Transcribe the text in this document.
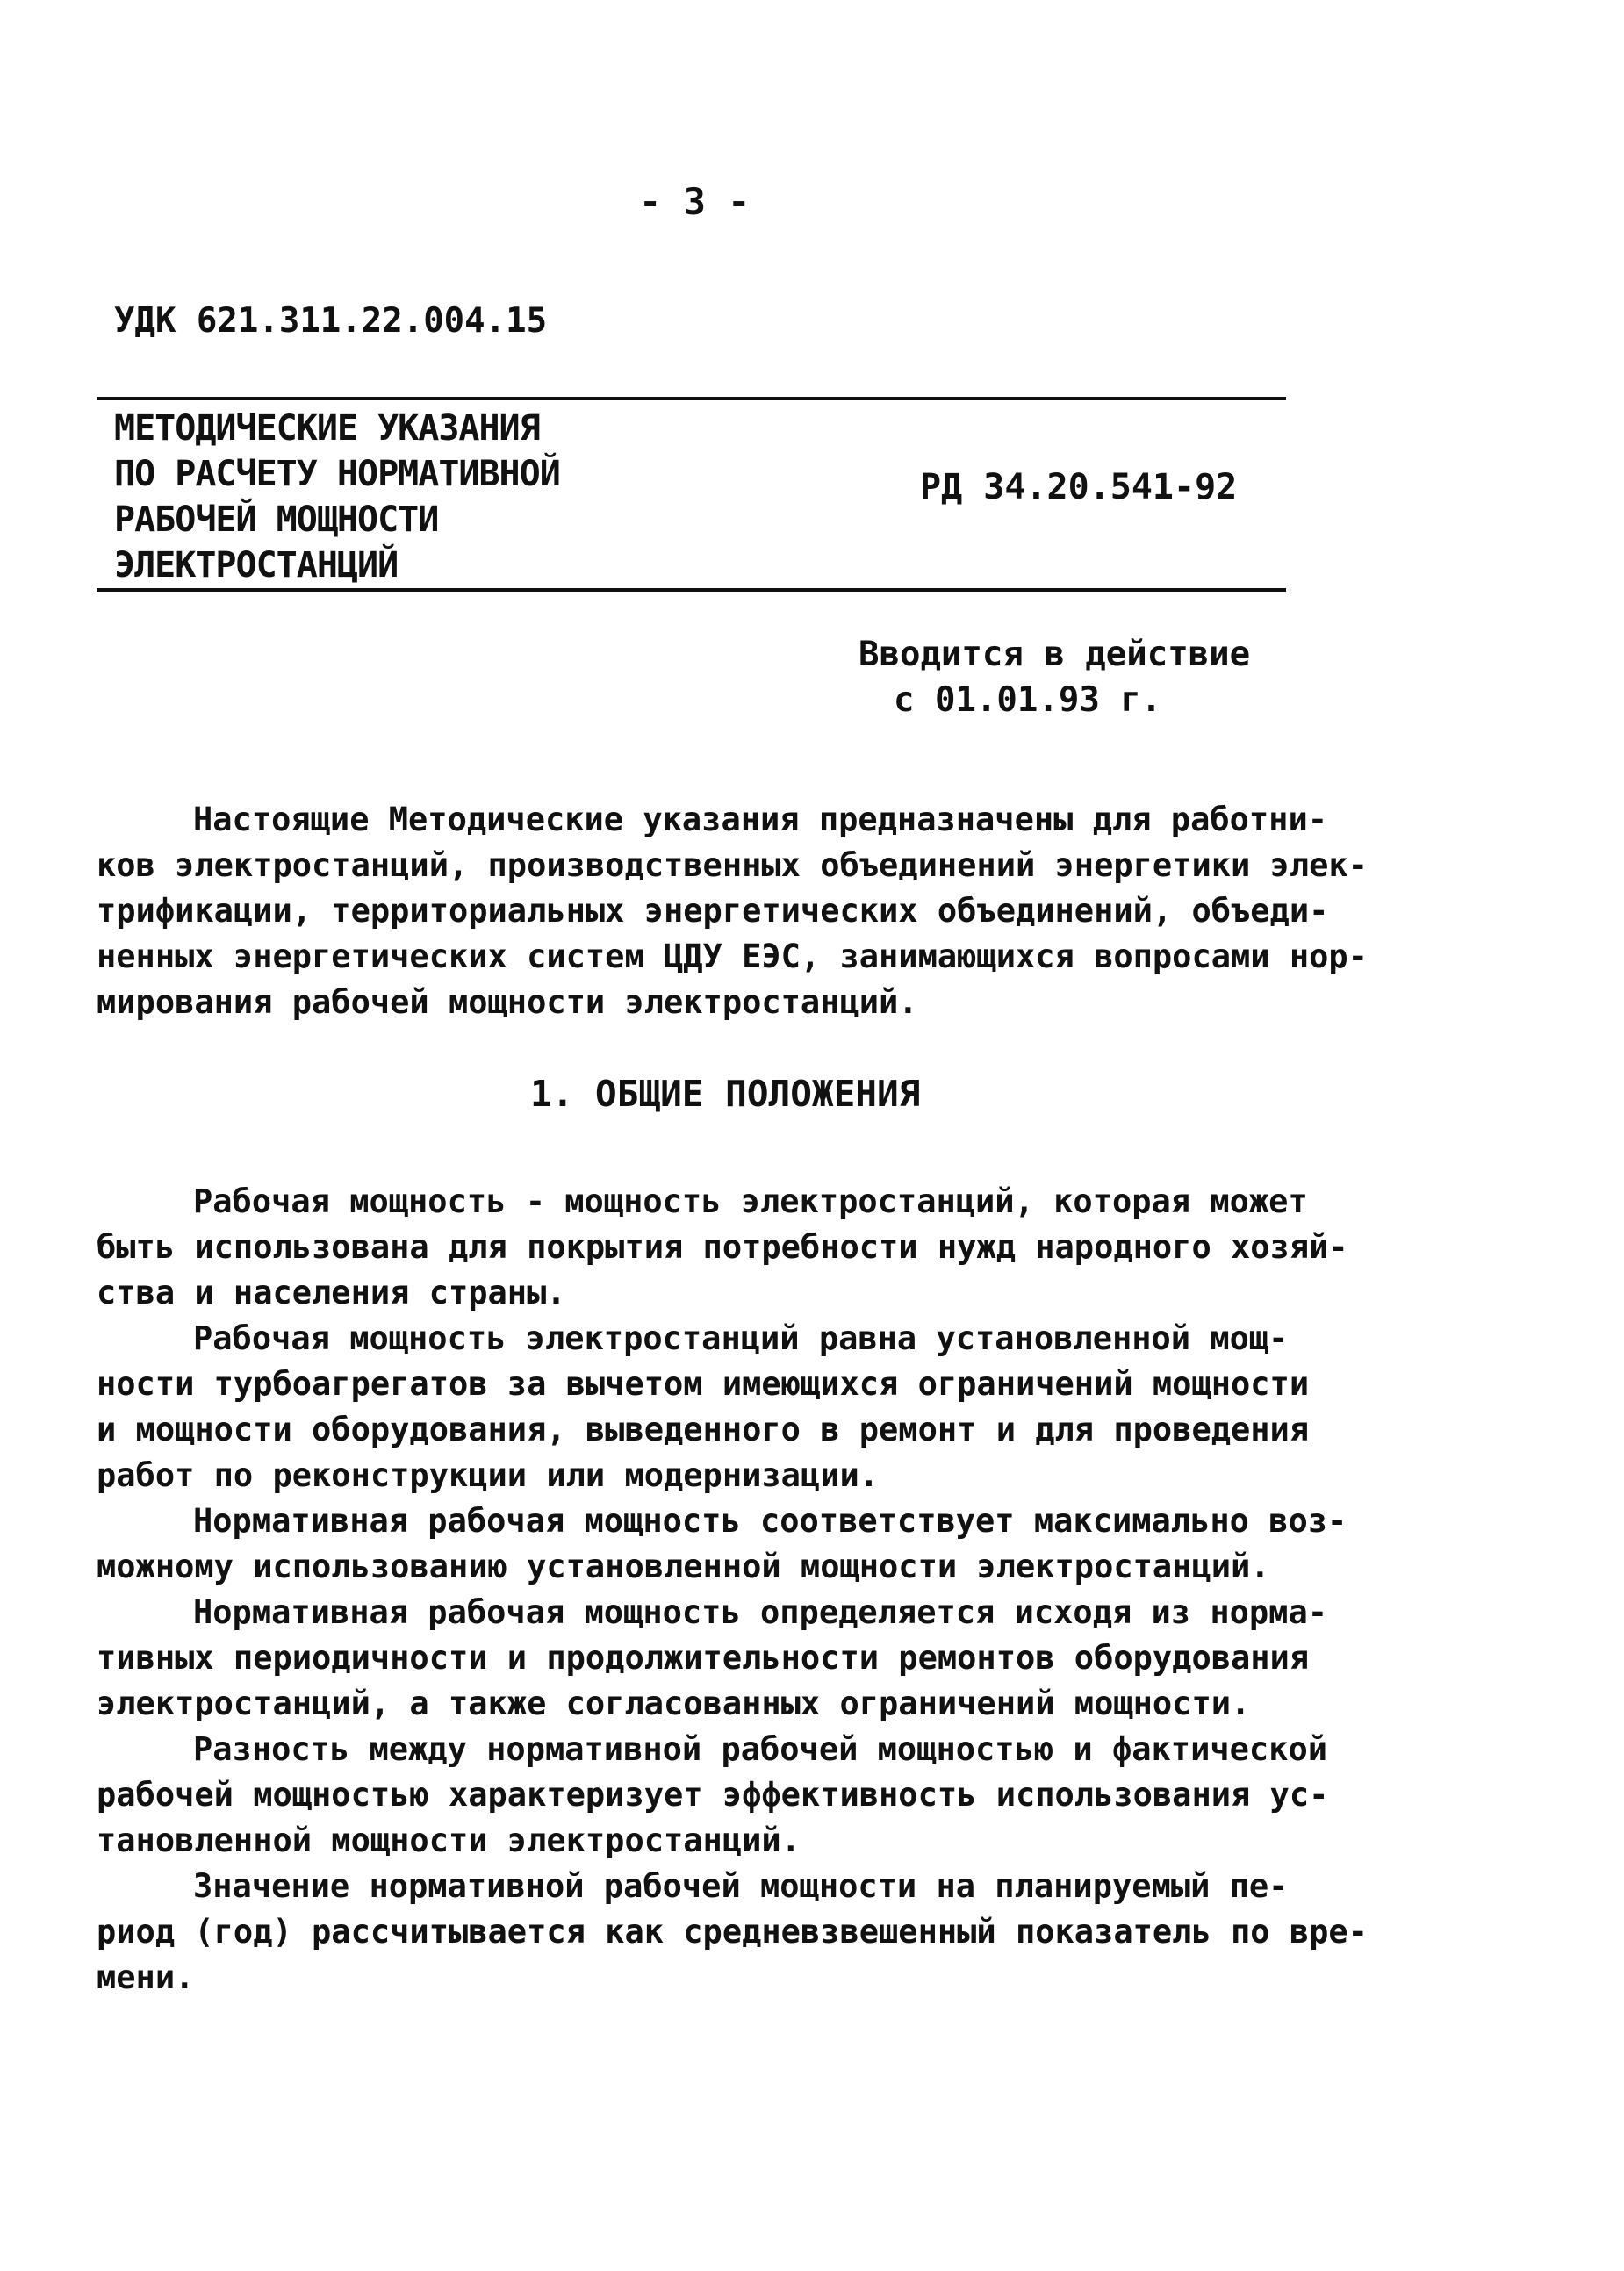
- 3 -
УДК 621.311.22.004.15
МЕТОДИЧЕСКИЕ УКАЗАНИЯ
ПО РАСЧЕТУ НОРМАТИВНОЙ
РАБОЧЕЙ МОЩНОСТИ
ЭЛЕКТРОСТАНЦИЙ
РД 34.20.541-92
Вводится в действие
с 01.01.93 г.
Настоящие Методические указания предназначены для работни-
ков электростанций, производственных объединений энергетики элек-
трификации, территориальных энергетических объединений, объеди-
ненных энергетических систем ЦДУ ЕЭС, занимающихся вопросами нор-
мирования рабочей мощности электростанций.
1. ОБЩИЕ ПОЛОЖЕНИЯ
Рабочая мощность - мощность электростанций, которая может
быть использована для покрытия потребности нужд народного хозяй-
ства и населения страны.
Рабочая мощность электростанций равна установленной мощ-
ности турбоагрегатов за вычетом имеющихся ограничений мощности
и мощности оборудования, выведенного в ремонт и для проведения
работ по реконструкции или модернизации.
Нормативная рабочая мощность соответствует максимально воз-
можному использованию установленной мощности электростанций.
Нормативная рабочая мощность определяется исходя из норма-
тивных периодичности и продолжительности ремонтов оборудования
электростанций, а также согласованных ограничений мощности.
Разность между нормативной рабочей мощностью и фактической
рабочей мощностью характеризует эффективность использования ус-
тановленной мощности электростанций.
Значение нормативной рабочей мощности на планируемый пе-
риод (год) рассчитывается как средневзвешенный показатель по вре-
мени.
